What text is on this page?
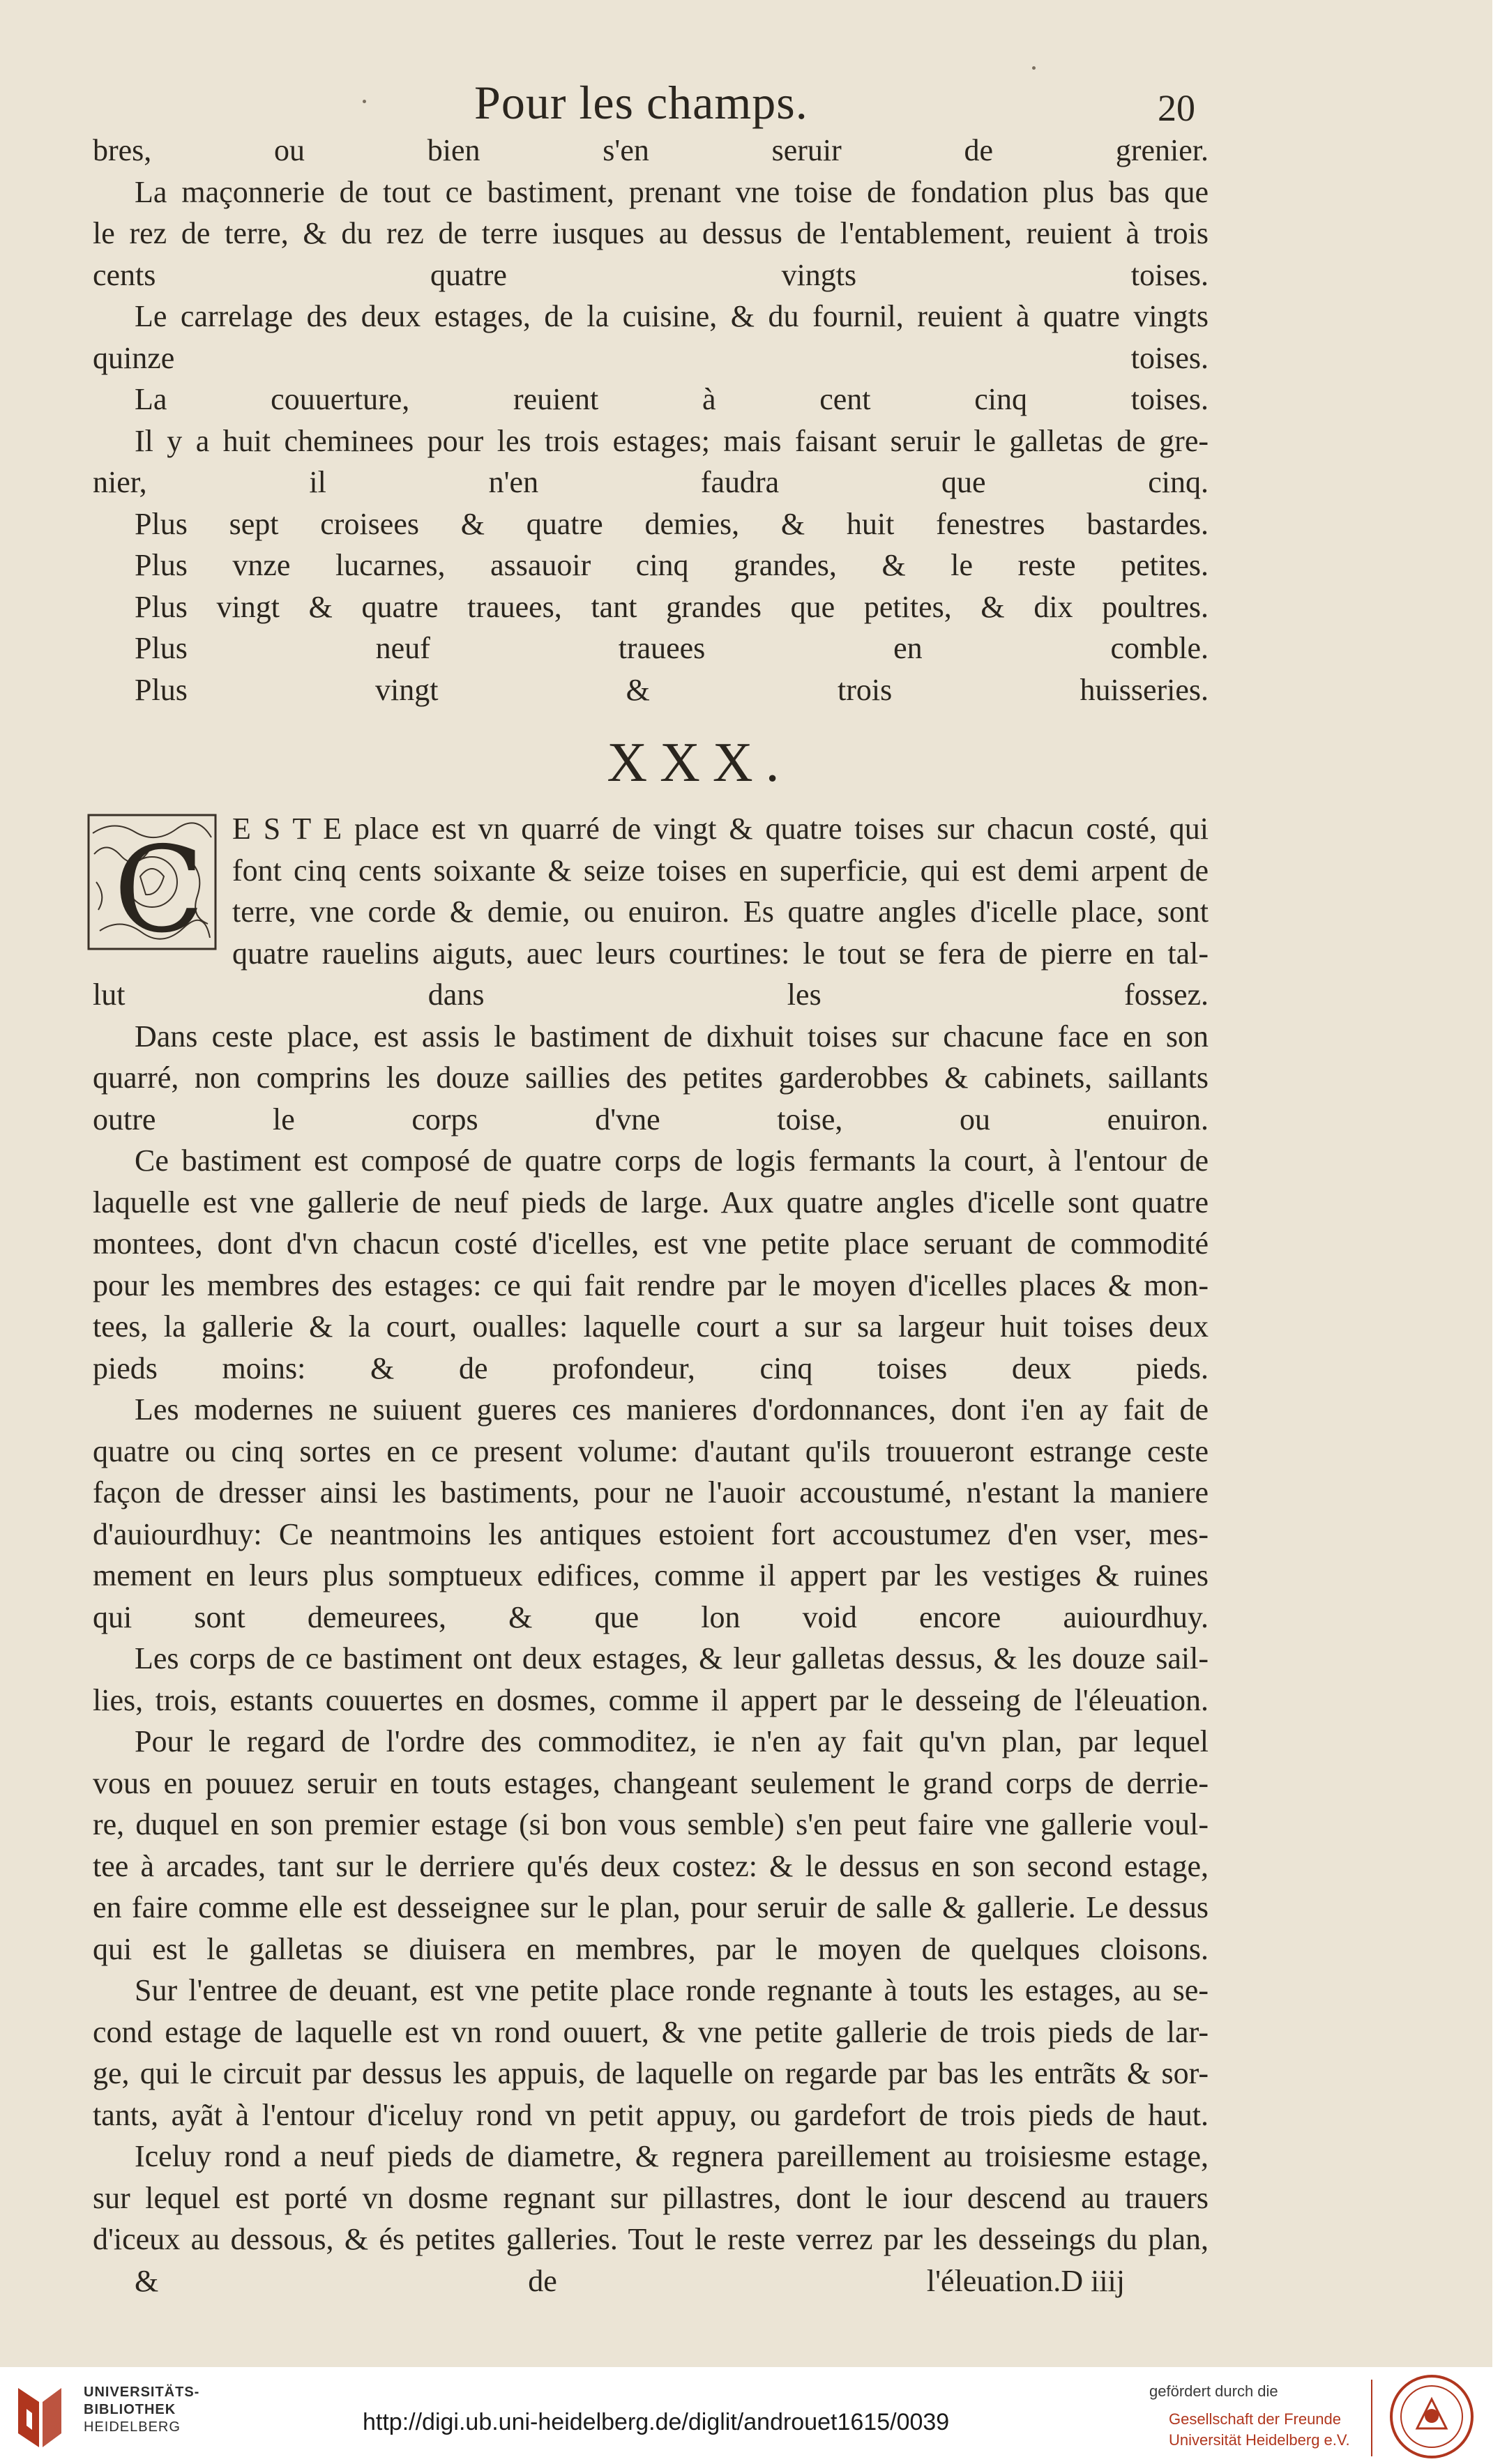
Pour les champs.	20
bres, ou bien s'en seruir de grenier.
La maçonnerie de tout ce bastiment, prenant vne toise de fondation plus bas que
le rez de terre, & du rez de terre iusques au dessus de l'entablement, reuient à trois
cents quatre vingts toises.
Le carrelage des deux estages, de la cuisine, & du fournil, reuient à quatre vingts
quinze toises.
La couuerture, reuient à cent cinq toises.
Il y a huit cheminees pour les trois estages; mais faisant seruir le galletas de gre-
nier, il n'en faudra que cinq.
Plus sept croisees & quatre demies, & huit fenestres bastardes.
Plus vnze lucarnes, assauoir cinq grandes, & le reste petites.
Plus vingt & quatre trauees, tant grandes que petites, & dix poultres.
Plus neuf trauees en comble.
Plus vingt & trois huisseries.
XXX.
C E S T E place est vn quarré de vingt & quatre toises sur chacun costé, qui
font cinq cents soixante & seize toises en superficie, qui est demi arpent de
terre, vne corde & demie, ou enuiron. Es quatre angles d'icelle place, sont
quatre rauelins aiguts, auec leurs courtines: le tout se fera de pierre en tal-
lut dans les fossez.
Dans ceste place, est assis le bastiment de dixhuit toises sur chacune face en son
quarré, non comprins les douze saillies des petites garderobbes & cabinets, saillants
outre le corps d'vne toise, ou enuiron.
Ce bastiment est composé de quatre corps de logis fermants la court, à l'entour de
laquelle est vne gallerie de neuf pieds de large. Aux quatre angles d'icelle sont quatre
montees, dont d'vn chacun costé d'icelles, est vne petite place seruant de commodité
pour les membres des estages: ce qui fait rendre par le moyen d'icelles places & mon-
tees, la gallerie & la court, oualles: laquelle court a sur sa largeur huit toises deux
pieds moins: & de profondeur, cinq toises deux pieds.
Les modernes ne suiuent gueres ces manieres d'ordonnances, dont i'en ay fait de
quatre ou cinq sortes en ce present volume: d'autant qu'ils trouueront estrange ceste
façon de dresser ainsi les bastiments, pour ne l'auoir accoustumé, n'estant la maniere
d'auiourdhuy: Ce neantmoins les antiques estoient fort accoustumez d'en vser, mes-
mement en leurs plus somptueux edifices, comme il appert par les vestiges & ruines
qui sont demeurees, & que lon void encore auiourdhuy.
Les corps de ce bastiment ont deux estages, & leur galletas dessus, & les douze sail-
lies, trois, estants couuertes en dosmes, comme il appert par le desseing de l'éleuation.
Pour le regard de l'ordre des commoditez, ie n'en ay fait qu'vn plan, par lequel
vous en pouuez seruir en touts estages, changeant seulement le grand corps de derrie-
re, duquel en son premier estage (si bon vous semble) s'en peut faire vne gallerie voul-
tee à arcades, tant sur le derriere qu'és deux costez: & le dessus en son second estage,
en faire comme elle est desseignee sur le plan, pour seruir de salle & gallerie. Le dessus
qui est le galletas se diuisera en membres, par le moyen de quelques cloisons.
Sur l'entree de deuant, est vne petite place ronde regnante à touts les estages, au se-
cond estage de laquelle est vn rond ouuert, & vne petite gallerie de trois pieds de lar-
ge, qui le circuit par dessus les appuis, de laquelle on regarde par bas les entrãts & sor-
tants, ayãt à l'entour d'iceluy rond vn petit appuy, ou gardefort de trois pieds de haut.
Iceluy rond a neuf pieds de diametre, & regnera pareillement au troisiesme estage,
sur lequel est porté vn dosme regnant sur pillastres, dont le iour descend au trauers
d'iceux au dessous, & és petites galleries. Tout le reste verrez par les desseings du plan,
& de l'éleuation. D iiij
UNIVERSITÄTS-
BIBLIOTHEK
HEIDELBERG	http://digi.ub.uni-heidelberg.de/diglit/androuet1615/0039
gefördert durch die
Gesellschaft der Freunde
Universität Heidelberg e.V.
